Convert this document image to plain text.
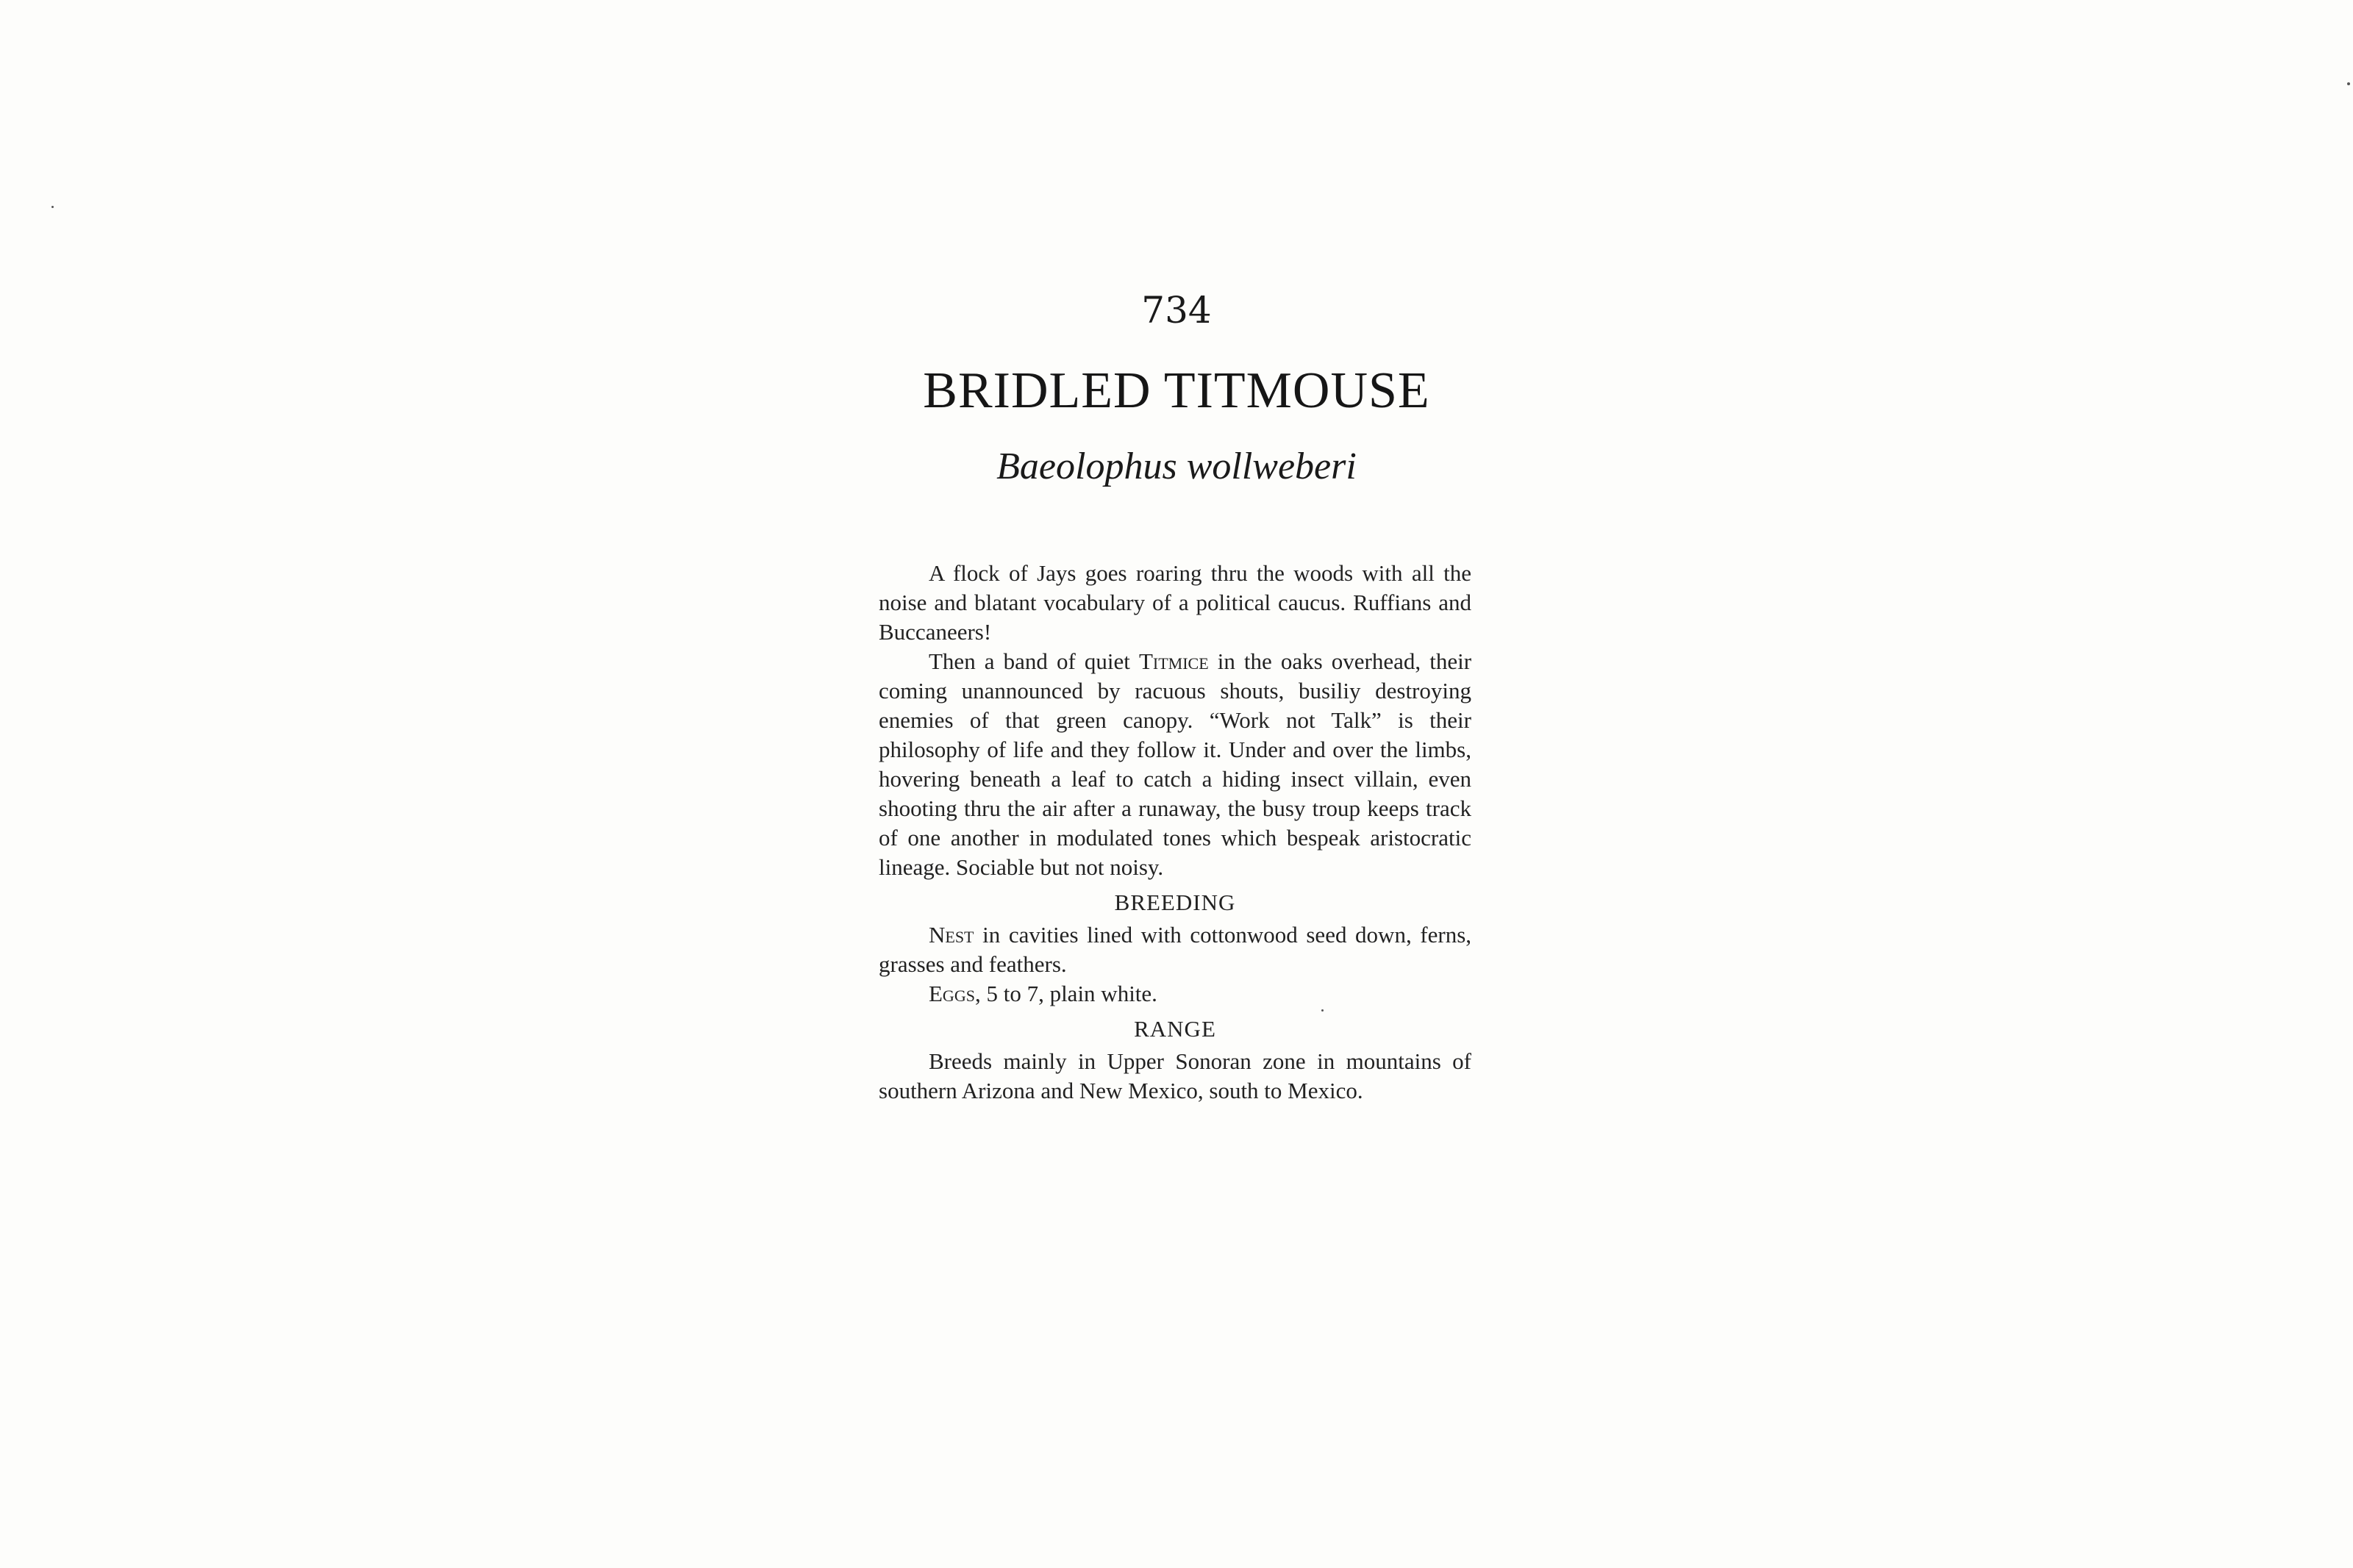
734
BRIDLED TITMOUSE
Baeolophus wollweberi

A flock of Jays goes roaring thru the woods with all the noise and blatant vocabulary of a political caucus. Ruffians and Buccaneers!

Then a band of quiet Titmice in the oaks overhead, their coming unannounced by racuous shouts, busiliy destroying enemies of that green canopy. “Work not Talk” is their philosophy of life and they follow it. Under and over the limbs, hovering beneath a leaf to catch a hiding insect villain, even shooting thru the air after a runaway, the busy troup keeps track of one another in modulated tones which bespeak aristocratic lineage. Sociable but not noisy.

BREEDING

Nest in cavities lined with cottonwood seed down, ferns, grasses and feathers.

Eggs, 5 to 7, plain white.

RANGE

Breeds mainly in Upper Sonoran zone in mountains of southern Arizona and New Mexico, south to Mexico.
